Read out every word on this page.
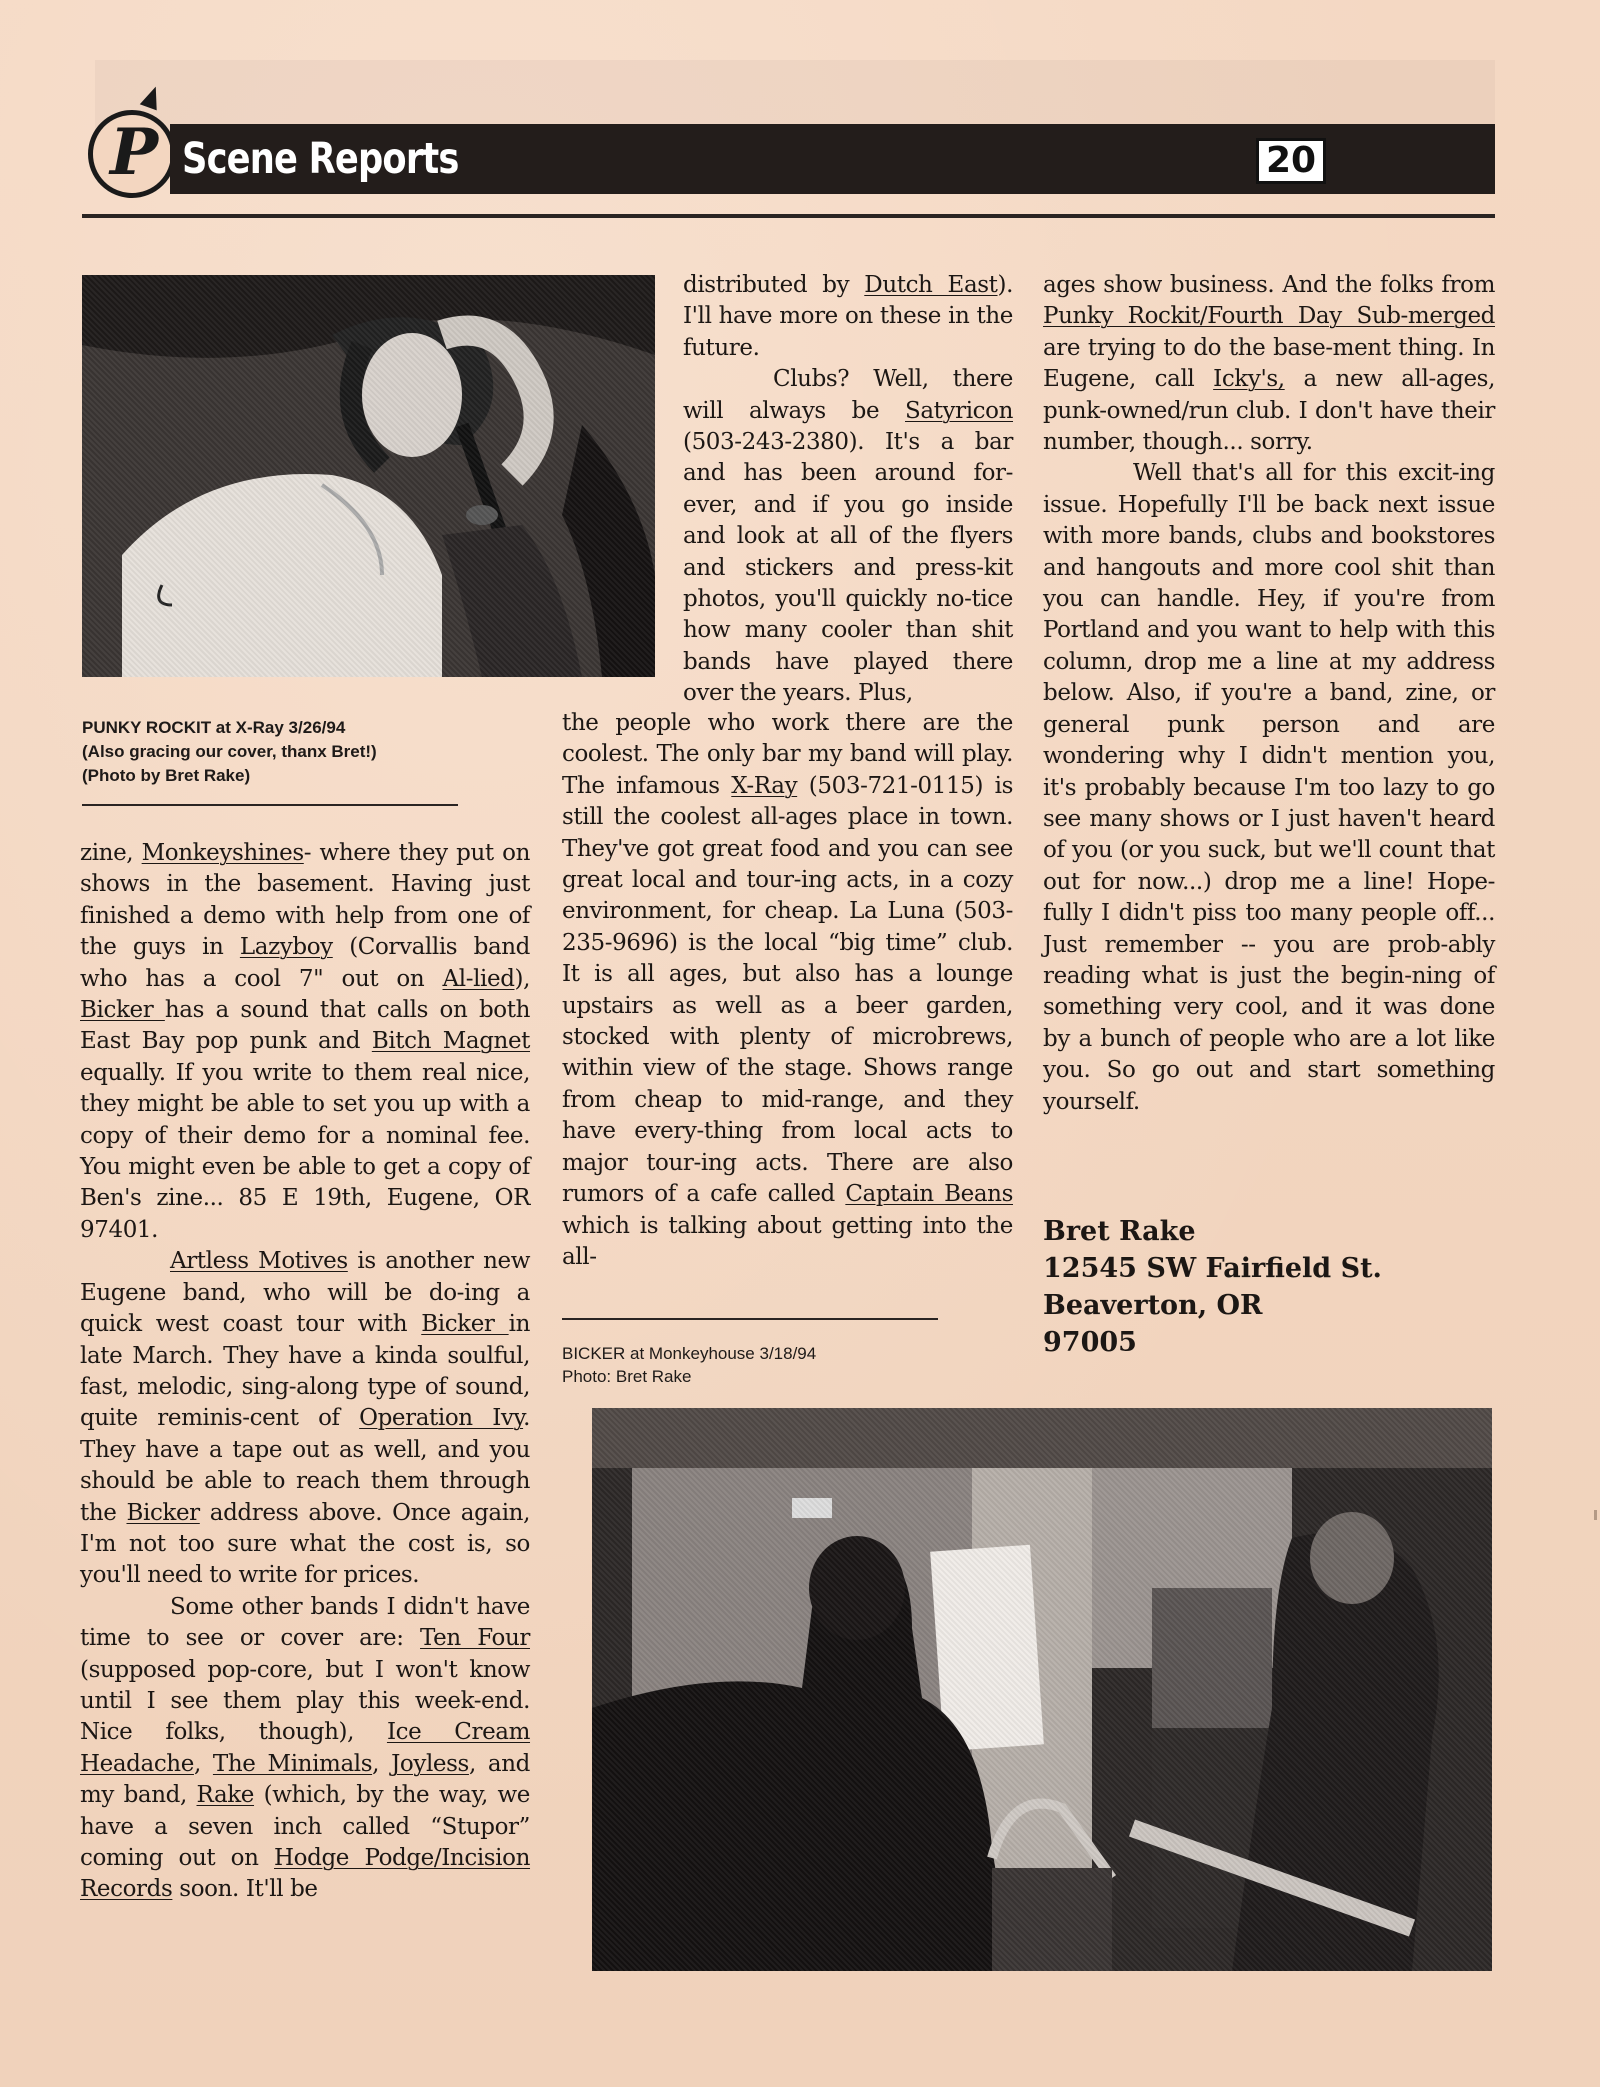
P Scene Reports	20
PUNKY ROCKIT at X-Ray 3/26/94
(Also gracing our cover, thanx Bret!)
(Photo by Bret Rake)

zine, Monkeyshines- where they put on shows in the basement. Having just finished a demo with help from one of the guys in Lazyboy (Corvallis band who has a cool 7" out on Al-lied), Bicker has a sound that calls on both East Bay pop punk and Bitch Magnet equally. If you write to them real nice, they might be able to set you up with a copy of their demo for a nominal fee. You might even be able to get a copy of Ben's zine... 85 E 19th, Eugene, OR 97401.

Artless Motives is another new Eugene band, who will be do-ing a quick west coast tour with Bicker in late March. They have a kinda soulful, fast, melodic, sing-along type of sound, quite reminis-cent of Operation Ivy. They have a tape out as well, and you should be able to reach them through the Bicker address above. Once again, I'm not too sure what the cost is, so you'll need to write for prices.

Some other bands I didn't have time to see or cover are: Ten Four (supposed pop-core, but I won't know until I see them play this week-end. Nice folks, though), Ice Cream Headache, The Minimals, Joyless, and my band, Rake (which, by the way, we have a seven inch called “Stupor” coming out on Hodge Podge/Incision Records soon. It'll be

distributed by Dutch East). I'll have more on these in the future.

Clubs? Well, there will always be Satyricon (503-243-2380). It's a bar and has been around for-ever, and if you go inside and look at all of the flyers and stickers and press-kit photos, you'll quickly no-tice how many cooler than shit bands have played there over the years. Plus,

the people who work there are the coolest. The only bar my band will play. The infamous X-Ray (503-721-0115) is still the coolest all-ages place in town. They've got great food and you can see great local and tour-ing acts, in a cozy environment, for cheap. La Luna (503-235-9696) is the local “big time” club. It is all ages, but also has a lounge upstairs as well as a beer garden, stocked with plenty of microbrews, within view of the stage. Shows range from cheap to mid-range, and they have every-thing from local acts to major tour-ing acts. There are also rumors of a cafe called Captain Beans which is talking about getting into the all-

BICKER at Monkeyhouse 3/18/94
Photo: Bret Rake

ages show business. And the folks from Punky Rockit/Fourth Day Sub-merged are trying to do the base-ment thing. In Eugene, call Icky's, a new all-ages, punk-owned/run club. I don't have their number, though... sorry.

Well that's all for this excit-ing issue. Hopefully I'll be back next issue with more bands, clubs and bookstores and hangouts and more cool shit than you can handle. Hey, if you're from Portland and you want to help with this column, drop me a line at my address below. Also, if you're a band, zine, or general punk person and are wondering why I didn't mention you, it's probably because I'm too lazy to go see many shows or I just haven't heard of you (or you suck, but we'll count that out for now...) drop me a line! Hope-fully I didn't piss too many people off... Just remember -- you are prob-ably reading what is just the begin-ning of something very cool, and it was done by a bunch of people who are a lot like you. So go out and start something yourself.

Bret Rake
12545 SW Fairfield St.
Beaverton, OR
97005
